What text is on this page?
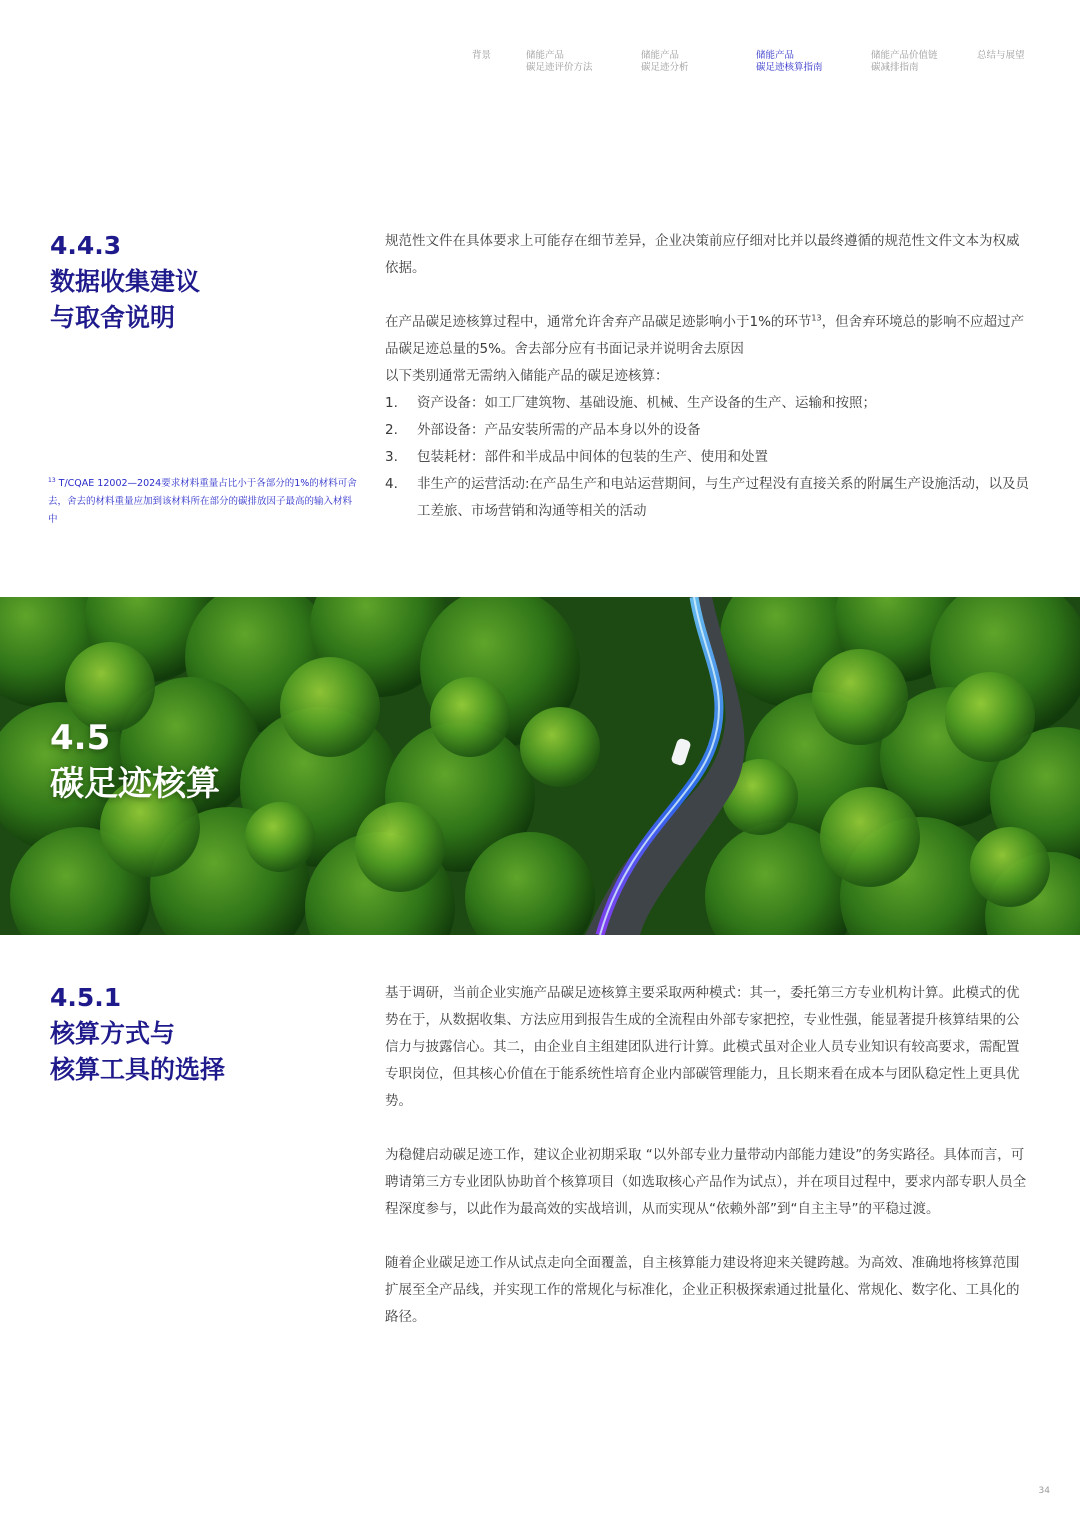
背景	储能产品
碳足迹评价方法
储能产品
碳足迹分析
储能产品
碳足迹核算指南
储能产品价值链
碳减排指南
总结与展望
4.4.3
数据收集建议
与取舍说明

规范性文件在具体要求上可能存在细节差异，企业决策前应仔细对比并以最终遵循的规范性文件文本为权威依据。

在产品碳足迹核算过程中，通常允许舍弃产品碳足迹影响小于1%的环节$^{13}$，但舍弃环境总的影响不应超过产品碳足迹总量的5%。舍去部分应有书面记录并说明舍去原因

以下类别通常无需纳入储能产品的碳足迹核算：

1. 资产设备：如工厂建筑物、基础设施、机械、生产设备的生产、运输和按照；
2. 外部设备：产品安装所需的产品本身以外的设备
3. 包装耗材：部件和半成品中间体的包装的生产、使用和处置
4. 非生产的运营活动:在产品生产和电站运营期间，与生产过程没有直接关系的附属生产设施活动，以及员工差旅、市场营销和沟通等相关的活动
$^{13}$ T/CQAE 12002—2024要求材料重量占比小于各部分的1%的材料可舍去，舍去的材料重量应加到该材料所在部分的碳排放因子最高的输入材料中
4.5
碳足迹核算
4.5.1
核算方式与
核算工具的选择

基于调研，当前企业实施产品碳足迹核算主要采取两种模式：其一，委托第三方专业机构计算。此模式的优势在于，从数据收集、方法应用到报告生成的全流程由外部专家把控，专业性强，能显著提升核算结果的公信力与披露信心。其二，由企业自主组建团队进行计算。此模式虽对企业人员专业知识有较高要求，需配置专职岗位，但其核心价值在于能系统性培育企业内部碳管理能力，且长期来看在成本与团队稳定性上更具优势。

为稳健启动碳足迹工作，建议企业初期采取 “以外部专业力量带动内部能力建设”的务实路径。具体而言，可聘请第三方专业团队协助首个核算项目（如选取核心产品作为试点），并在项目过程中，要求内部专职人员全程深度参与，以此作为最高效的实战培训，从而实现从“依赖外部”到“自主主导”的平稳过渡。

随着企业碳足迹工作从试点走向全面覆盖，自主核算能力建设将迎来关键跨越。为高效、准确地将核算范围扩展至全产品线，并实现工作的常规化与标准化，企业正积极探索通过批量化、常规化、数字化、工具化的路径。

34
